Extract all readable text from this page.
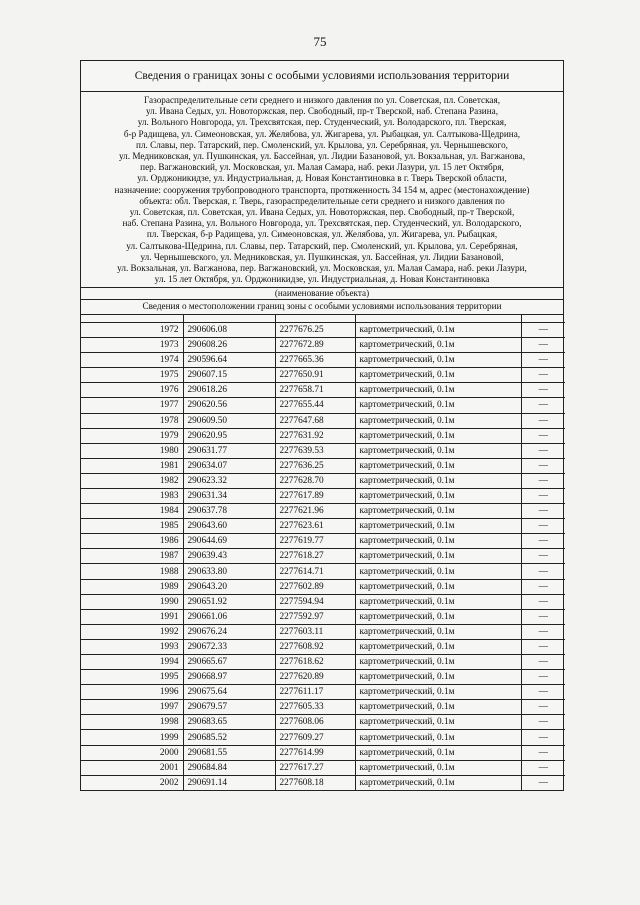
75
Сведения о границах зоны с особыми условиями использования территории
Газораспределительные сети среднего и низкого давления по ул. Советская, пл. Советская,
ул. Ивана Седых, ул. Новоторжская, пер. Свободный, пр-т Тверской, наб. Степана Разина,
ул. Вольного Новгорода, ул. Трехсвятская, пер. Студенческий, ул. Володарского, пл. Тверская,
б-р Радищева, ул. Симеоновская, ул. Желябова, ул. Жигарева, ул. Рыбацкая, ул. Салтыкова-Щедрина,
пл. Славы, пер. Татарский, пер. Смоленский, ул. Крылова, ул. Серебряная, ул. Чернышевского,
ул. Медниковская, ул. Пушкинская, ул. Бассейная, ул. Лидии Базановой, ул. Вокзальная, ул. Вагжанова,
пер. Вагжановский, ул. Московская, ул. Малая Самара, наб. реки Лазури, ул. 15 лет Октября,
ул. Орджоникидзе, ул. Индустриальная, д. Новая Константиновка в г. Тверь Тверской области,
назначение: сооружения трубопроводного транспорта, протяженность 34 154 м, адрес (местонахождение)
объекта: обл. Тверская, г. Тверь, газораспределительные сети среднего и низкого давления по
ул. Советская, пл. Советская, ул. Ивана Седых, ул. Новоторжская, пер. Свободный, пр-т Тверской,
наб. Степана Разина, ул. Вольного Новгорода, ул. Трехсвятская, пер. Студенческий, ул. Володарского,
пл. Тверская, б-р Радищева, ул. Симеоновская, ул. Желябова, ул. Жигарева, ул. Рыбацкая,
ул. Салтыкова-Щедрина, пл. Славы, пер. Татарский, пер. Смоленский, ул. Крылова, ул. Серебряная,
ул. Чернышевского, ул. Медниковская, ул. Пушкинская, ул. Бассейная, ул. Лидии Базановой,
ул. Вокзальная, ул. Вагжанова, пер. Вагжановский, ул. Московская, ул. Малая Самара, наб. реки Лазури,
ул. 15 лет Октября, ул. Орджоникидзе, ул. Индустриальная, д. Новая Константиновка
(наименование объекта)
Сведения о местоположении границ зоны с особыми условиями использования территории

1972	290606.08	2277676.25	картометрический, 0.1м	—
1973	290608.26	2277672.89	картометрический, 0.1м	—
1974	290596.64	2277665.36	картометрический, 0.1м	—
1975	290607.15	2277650.91	картометрический, 0.1м	—
1976	290618.26	2277658.71	картометрический, 0.1м	—
1977	290620.56	2277655.44	картометрический, 0.1м	—
1978	290609.50	2277647.68	картометрический, 0.1м	—
1979	290620.95	2277631.92	картометрический, 0.1м	—
1980	290631.77	2277639.53	картометрический, 0.1м	—
1981	290634.07	2277636.25	картометрический, 0.1м	—
1982	290623.32	2277628.70	картометрический, 0.1м	—
1983	290631.34	2277617.89	картометрический, 0.1м	—
1984	290637.78	2277621.96	картометрический, 0.1м	—
1985	290643.60	2277623.61	картометрический, 0.1м	—
1986	290644.69	2277619.77	картометрический, 0.1м	—
1987	290639.43	2277618.27	картометрический, 0.1м	—
1988	290633.80	2277614.71	картометрический, 0.1м	—
1989	290643.20	2277602.89	картометрический, 0.1м	—
1990	290651.92	2277594.94	картометрический, 0.1м	—
1991	290661.06	2277592.97	картометрический, 0.1м	—
1992	290676.24	2277603.11	картометрический, 0.1м	—
1993	290672.33	2277608.92	картометрический, 0.1м	—
1994	290665.67	2277618.62	картометрический, 0.1м	—
1995	290668.97	2277620.89	картометрический, 0.1м	—
1996	290675.64	2277611.17	картометрический, 0.1м	—
1997	290679.57	2277605.33	картометрический, 0.1м	—
1998	290683.65	2277608.06	картометрический, 0.1м	—
1999	290685.52	2277609.27	картометрический, 0.1м	—
2000	290681.55	2277614.99	картометрический, 0.1м	—
2001	290684.84	2277617.27	картометрический, 0.1м	—
2002	290691.14	2277608.18	картометрический, 0.1м	—
